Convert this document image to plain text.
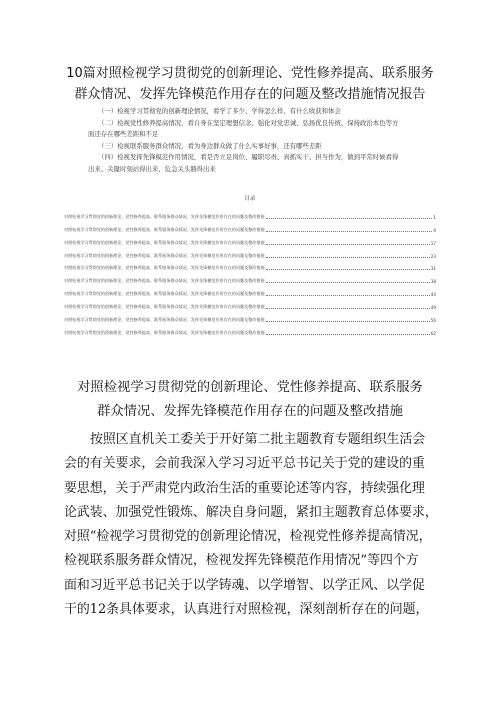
10篇对照检视学习贯彻党的创新理论、党性修养提高、联系服务
群众情况、发挥先锋模范作用存在的问题及整改措施情况报告

（一）检视学习贯彻党的创新理论情况，看学了多少、学得怎么样，有什么收获和体会

（二）检视党性修养提高情况，看自身在坚定理想信念、强化对党忠诚、弘扬优良传统、保持政治本色等方

面还存在哪些差距和不足

（三）检视联系服务群众情况，看为身边群众做了什么实事好事，还有哪些差距

（四）检视发挥先锋模范作用情况，看是否立足岗位、履职尽责、真抓实干、担当作为，做到平常时候看得

出来、关键时刻站得出来、危急关头豁得出来

目录
对照检视学习贯彻党的创新理论、党性修养提高、联系服务群众情况、发挥先锋模范作用存在的问题及整改措施	1
对照检视学习贯彻党的创新理论、党性修养提高、联系服务群众情况、发挥先锋模范作用存在的问题及整改措施	9
对照检视学习贯彻党的创新理论、党性修养提高、联系服务群众情况、发挥先锋模范作用存在的问题及整改措施	17
对照检视学习贯彻党的创新理论、党性修养提高、联系服务群众情况、发挥先锋模范作用存在的问题及整改措施	23
对照检视学习贯彻党的创新理论、党性修养提高、联系服务群众情况、发挥先锋模范作用存在的问题及整改措施	31
对照检视学习贯彻党的创新理论、党性修养提高、联系服务群众情况、发挥先锋模范作用存在的问题及整改措施	38
对照检视学习贯彻党的创新理论、党性修养提高、联系服务群众情况、发挥先锋模范作用存在的问题及整改措施	44
对照检视学习贯彻党的创新理论、党性修养提高、联系服务群众情况、发挥先锋模范作用存在的问题及整改措施	49
对照检视学习贯彻党的创新理论、党性修养提高、联系服务群众情况、发挥先锋模范作用存在的问题及整改措施	56
对照检视学习贯彻党的创新理论、党性修养提高、联系服务群众情况、发挥先锋模范作用存在的问题及整改措施	62
对照检视学习贯彻党的创新理论、党性修养提高、联系服务
群众情况、发挥先锋模范作用存在的问题及整改措施
按照区直机关工委关于开好第二批主题教育专题组织生活会
会的有关要求，会前我深入学习习近平总书记关于党的建设的重
要思想，关于严肃党内政治生活的重要论述等内容，持续强化理
论武装、加强党性锻炼、解决自身问题，紧扣主题教育总体要求，
对照“检视学习贯彻党的创新理论情况，检视党性修养提高情况，
检视联系服务群众情况，检视发挥先锋模范作用情况”等四个方
面和习近平总书记关于以学铸魂、以学增智、以学正风、以学促
干的12条具体要求，认真进行对照检视，深刻剖析存在的问题，
